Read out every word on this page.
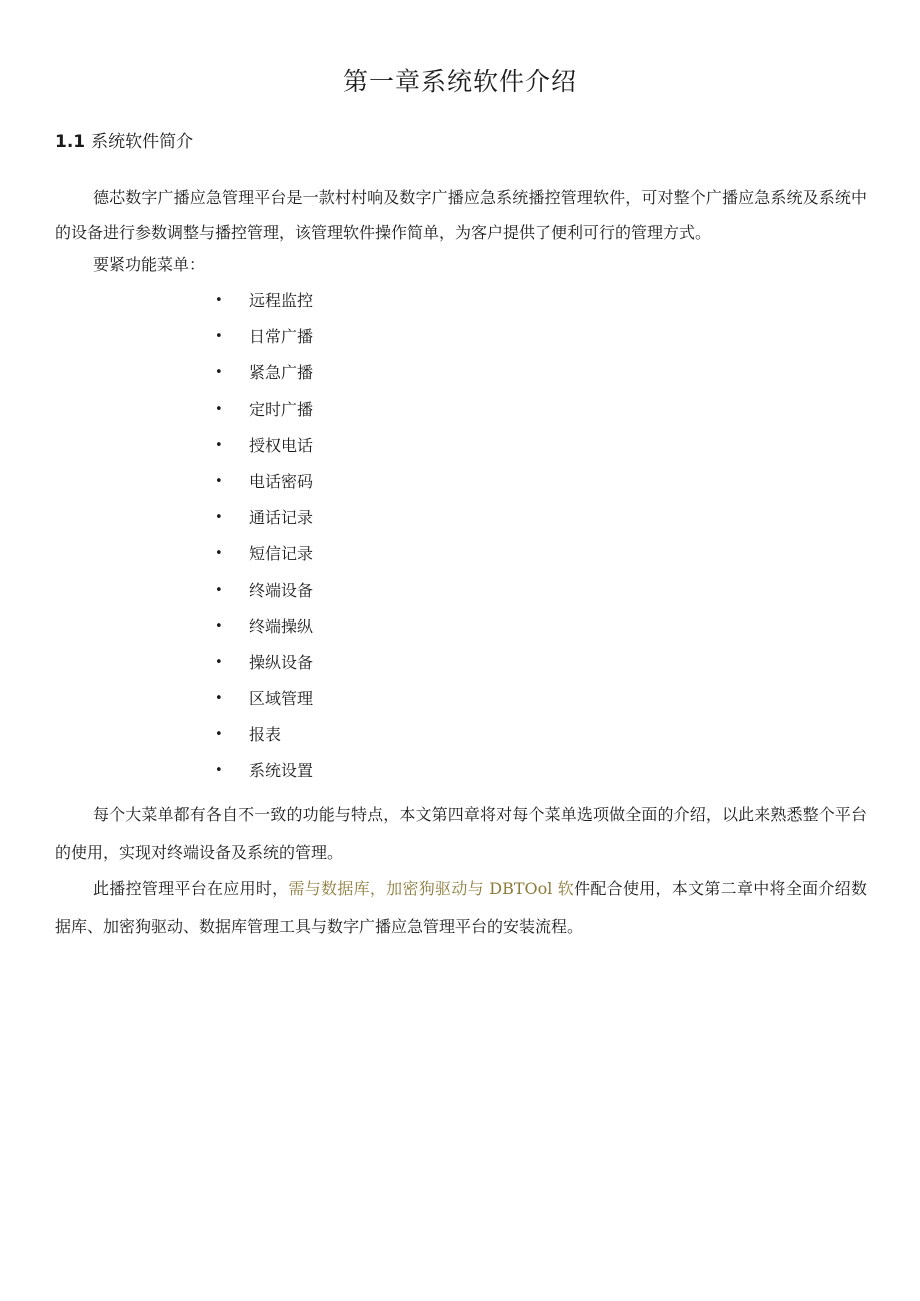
第一章系统软件介绍
1.1 系统软件简介

德芯数字广播应急管理平台是一款村村响及数字广播应急系统播控管理软件，可对整个广播应急系统及系统中的设备进行参数调整与播控管理，该管理软件操作简单，为客户提供了便利可行的管理方式。

要紧功能菜单：

• 远程监控
• 日常广播
• 紧急广播
• 定时广播
• 授权电话
• 电话密码
• 通话记录
• 短信记录
• 终端设备
• 终端操纵
• 操纵设备
• 区域管理
• 报表
• 系统设置

每个大菜单都有各自不一致的功能与特点，本文第四章将对每个菜单选项做全面的介绍，以此来熟悉整个平台的使用，实现对终端设备及系统的管理。

此播控管理平台在应用时，需与数据库，加密狗驱动与 DBTOol 软件配合使用，本文第二章中将全面介绍数据库、加密狗驱动、数据库管理工具与数字广播应急管理平台的安装流程。
